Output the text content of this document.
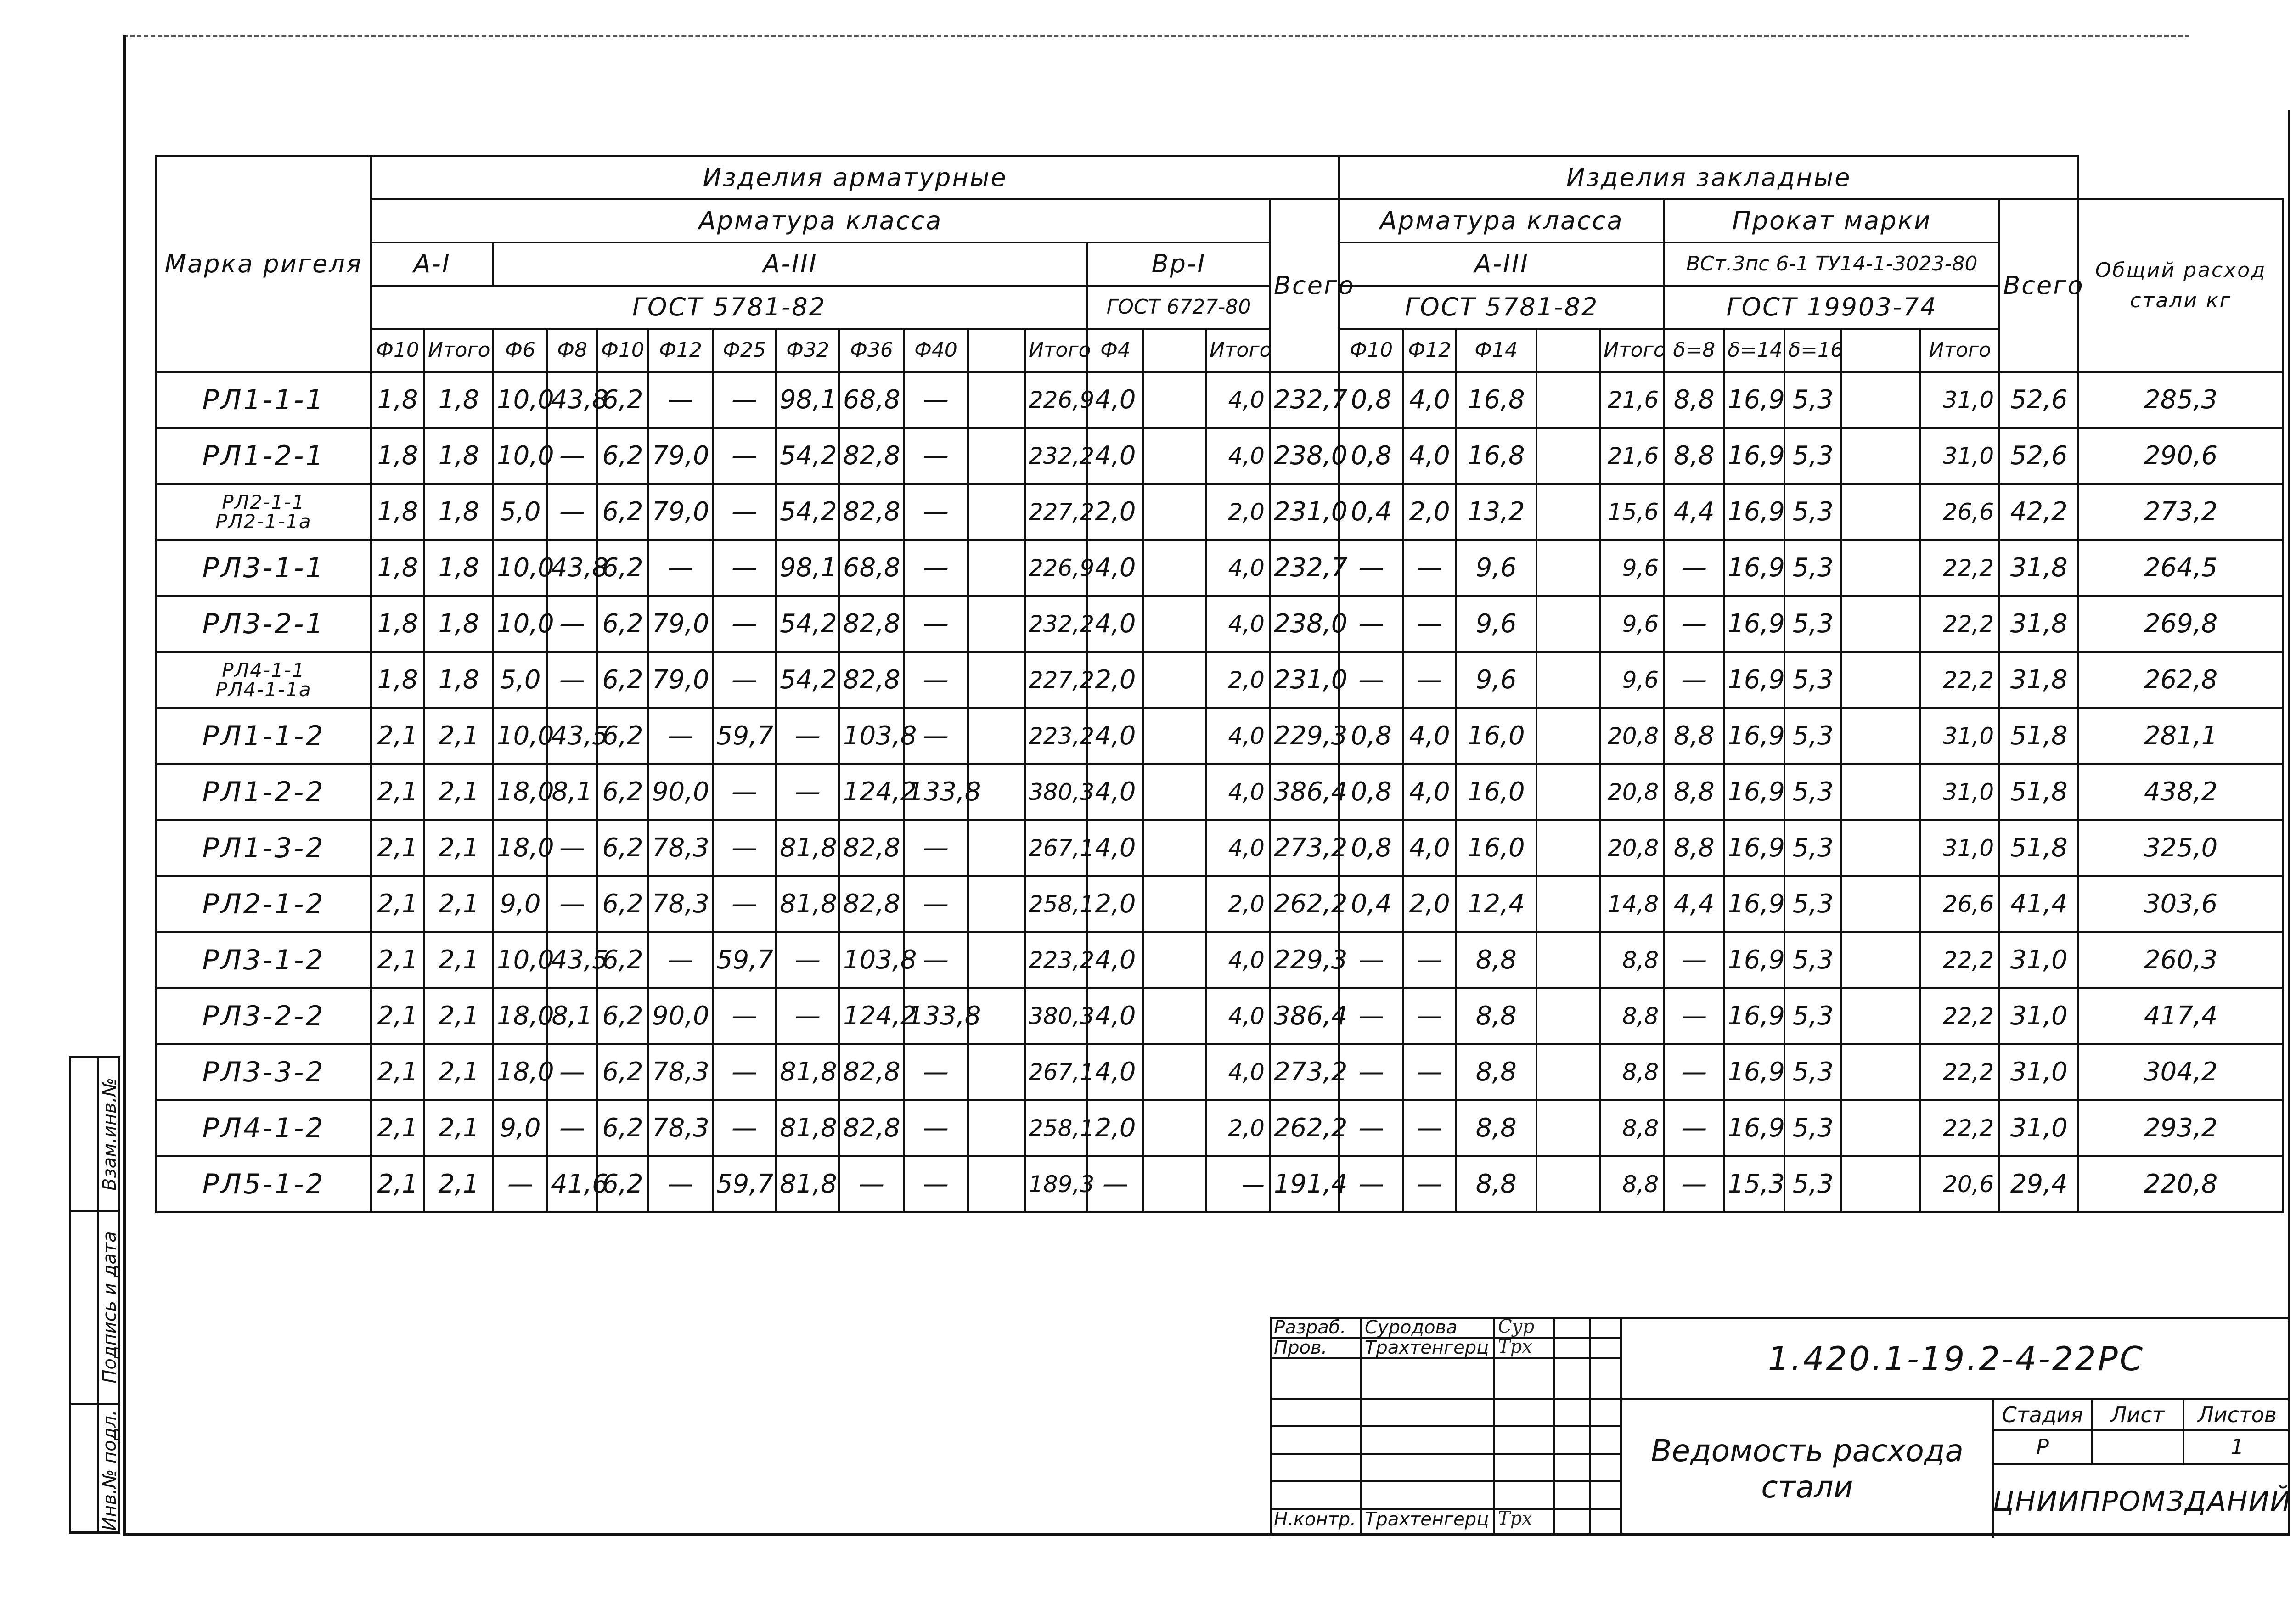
Марка ригеля	Изделия арматурные																Изделия закладные											
	Арматура класса															Всего	Арматура класса					Прокат марки					Всего	Общий расход стали кг
	А-I		А-III										Вр-I				А-III					ВСт.3пс 6-1 ТУ14-1-3023-80						
	ГОСТ 5781-82												ГОСТ 6727-80				ГОСТ 5781-82					ГОСТ 19903-74						
	Ф10	Итого	Ф6	Ф8	Ф10	Ф12	Ф25	Ф32	Ф36	Ф40		Итого	Ф4		Итого		Ф10	Ф12	Ф14		Итого	δ=8	δ=14	δ=16		Итого		
РЛ1-1-1	1,8	1,8	10,0	43,8	6,2	—	—	98,1	68,8	—		226,9	4,0		4,0	232,7	0,8	4,0	16,8		21,6	8,8	16,9	5,3		31,0	52,6	285,3
РЛ1-2-1	1,8	1,8	10,0	—	6,2	79,0	—	54,2	82,8	—		232,2	4,0		4,0	238,0	0,8	4,0	16,8		21,6	8,8	16,9	5,3		31,0	52,6	290,6

РЛ2-1-1
РЛ2-1-1а	1,8	1,8	5,0	—	6,2	79,0	—	54,2	82,8	—		227,2	2,0		2,0	231,0	0,4	2,0	13,2		15,6	4,4	16,9	5,3		26,6	42,2	273,2
РЛ3-1-1	1,8	1,8	10,0	43,8	6,2	—	—	98,1	68,8	—		226,9	4,0		4,0	232,7	—	—	9,6		9,6	—	16,9	5,3		22,2	31,8	264,5
РЛ3-2-1	1,8	1,8	10,0	—	6,2	79,0	—	54,2	82,8	—		232,2	4,0		4,0	238,0	—	—	9,6		9,6	—	16,9	5,3		22,2	31,8	269,8

РЛ4-1-1
РЛ4-1-1а	1,8	1,8	5,0	—	6,2	79,0	—	54,2	82,8	—		227,2	2,0		2,0	231,0	—	—	9,6		9,6	—	16,9	5,3		22,2	31,8	262,8
РЛ1-1-2	2,1	2,1	10,0	43,5	6,2	—	59,7	—	103,8	—		223,2	4,0		4,0	229,3	0,8	4,0	16,0		20,8	8,8	16,9	5,3		31,0	51,8	281,1
РЛ1-2-2	2,1	2,1	18,0	8,1	6,2	90,0	—	—	124,2	133,8		380,3	4,0		4,0	386,4	0,8	4,0	16,0		20,8	8,8	16,9	5,3		31,0	51,8	438,2
РЛ1-3-2	2,1	2,1	18,0	—	6,2	78,3	—	81,8	82,8	—		267,1	4,0		4,0	273,2	0,8	4,0	16,0		20,8	8,8	16,9	5,3		31,0	51,8	325,0
РЛ2-1-2	2,1	2,1	9,0	—	6,2	78,3	—	81,8	82,8	—		258,1	2,0		2,0	262,2	0,4	2,0	12,4		14,8	4,4	16,9	5,3		26,6	41,4	303,6
РЛ3-1-2	2,1	2,1	10,0	43,5	6,2	—	59,7	—	103,8	—		223,2	4,0		4,0	229,3	—	—	8,8		8,8	—	16,9	5,3		22,2	31,0	260,3
РЛ3-2-2	2,1	2,1	18,0	8,1	6,2	90,0	—	—	124,2	133,8		380,3	4,0		4,0	386,4	—	—	8,8		8,8	—	16,9	5,3		22,2	31,0	417,4
РЛ3-3-2	2,1	2,1	18,0	—	6,2	78,3	—	81,8	82,8	—		267,1	4,0		4,0	273,2	—	—	8,8		8,8	—	16,9	5,3		22,2	31,0	304,2
РЛ4-1-2	2,1	2,1	9,0	—	6,2	78,3	—	81,8	82,8	—		258,1	2,0		2,0	262,2	—	—	8,8		8,8	—	16,9	5,3		22,2	31,0	293,2
РЛ5-1-2	2,1	2,1	—	41,6	6,2	—	59,7	81,8	—	—		189,3	—		—	191,4	—	—	8,8		8,8	—	15,3	5,3		20,6	29,4	220,8
Взам.инв.№
Подпись и дата
Инв.№ подл.
Разраб. Суродова Сур
Пров. Трахтенгерц Трх
Н.контр. Трахтенгерц Трх
1.420.1-19.2-4-22РС
Ведомость расхода
стали
Стадия	Лист	Листов
Р	1
ЦНИИПРОМЗДАНИЙ
